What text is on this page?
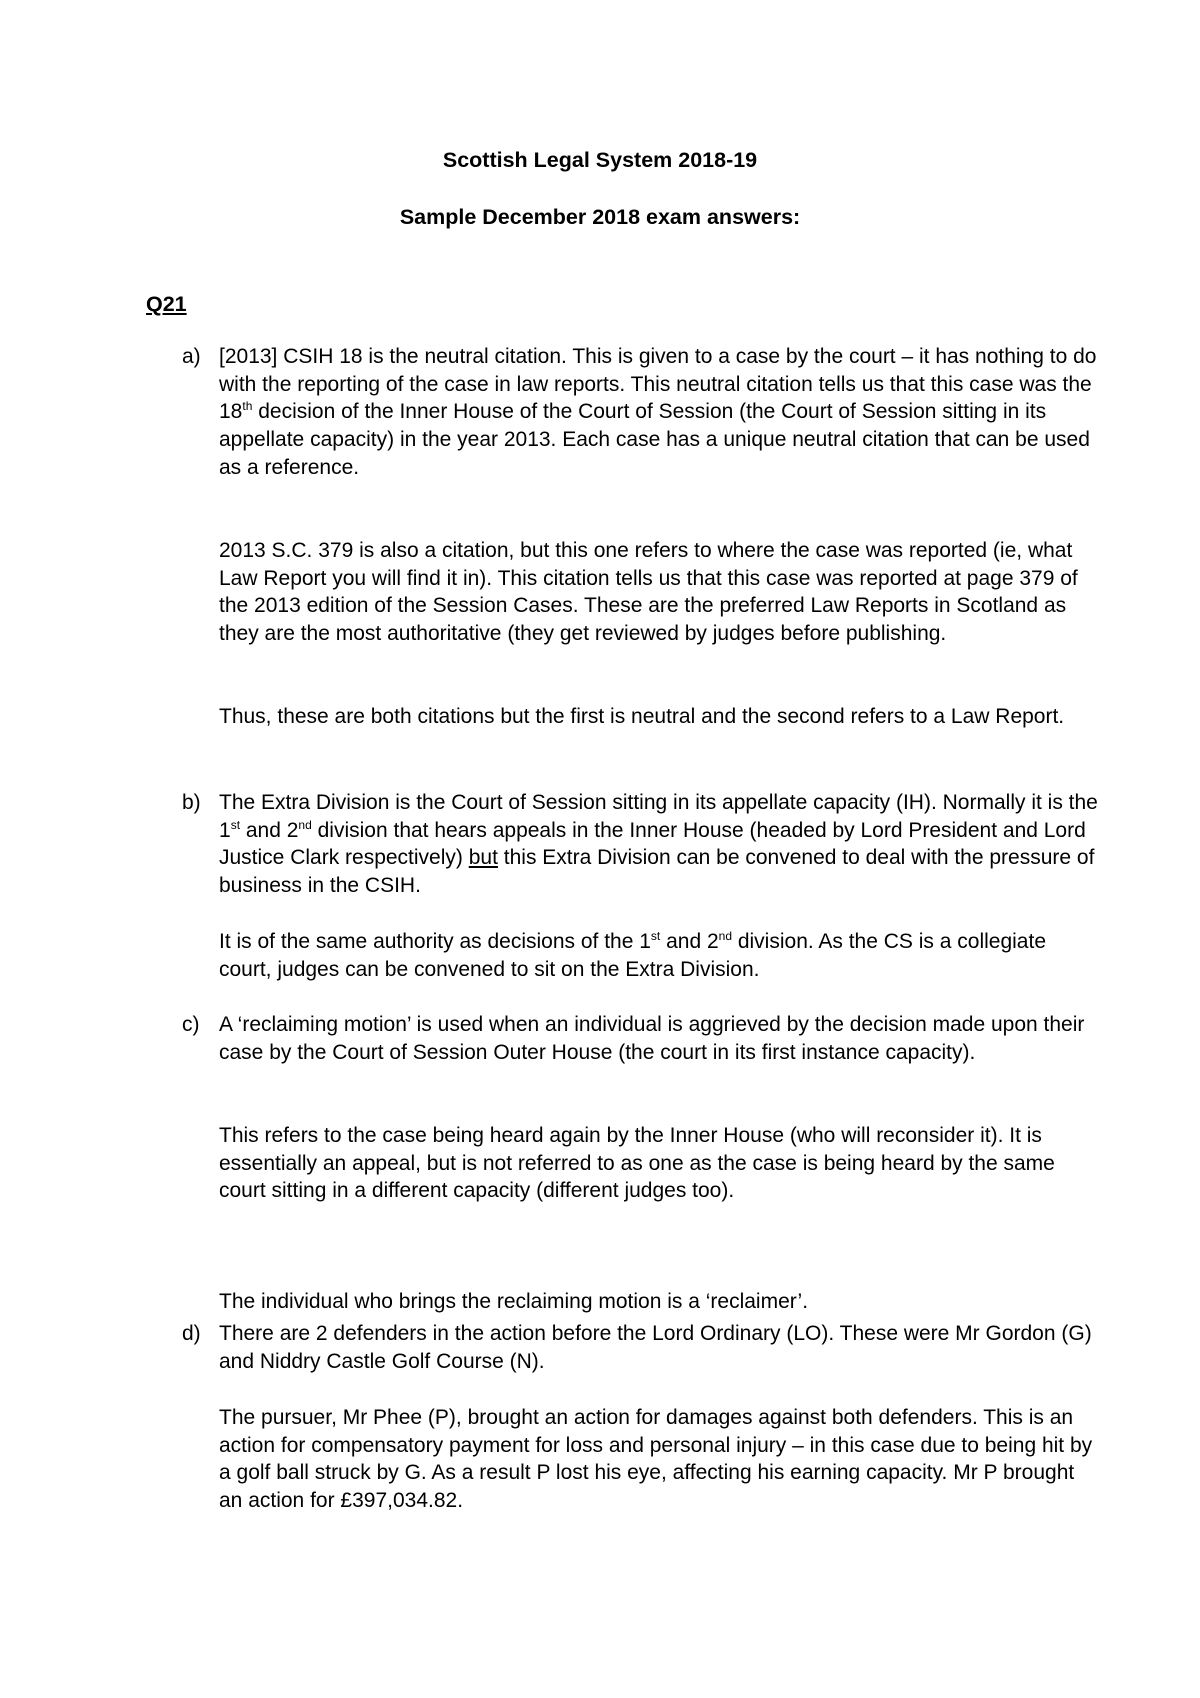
Scottish Legal System 2018-19
Sample December 2018 exam answers:
Q21
a) [2013] CSIH 18 is the neutral citation. This is given to a case by the court – it has nothing to do with the reporting of the case in law reports. This neutral citation tells us that this case was the 18th decision of the Inner House of the Court of Session (the Court of Session sitting in its appellate capacity) in the year 2013. Each case has a unique neutral citation that can be used as a reference.

2013 S.C. 379 is also a citation, but this one refers to where the case was reported (ie, what Law Report you will find it in). This citation tells us that this case was reported at page 379 of the 2013 edition of the Session Cases. These are the preferred Law Reports in Scotland as they are the most authoritative (they get reviewed by judges before publishing.

Thus, these are both citations but the first is neutral and the second refers to a Law Report.

b) The Extra Division is the Court of Session sitting in its appellate capacity (IH). Normally it is the 1st and 2nd division that hears appeals in the Inner House (headed by Lord President and Lord Justice Clark respectively) but this Extra Division can be convened to deal with the pressure of business in the CSIH.

It is of the same authority as decisions of the 1st and 2nd division. As the CS is a collegiate court, judges can be convened to sit on the Extra Division.

c) A ‘reclaiming motion’ is used when an individual is aggrieved by the decision made upon their case by the Court of Session Outer House (the court in its first instance capacity).

This refers to the case being heard again by the Inner House (who will reconsider it). It is essentially an appeal, but is not referred to as one as the case is being heard by the same court sitting in a different capacity (different judges too).

The individual who brings the reclaiming motion is a ‘reclaimer’.

d) There are 2 defenders in the action before the Lord Ordinary (LO). These were Mr Gordon (G) and Niddry Castle Golf Course (N).

The pursuer, Mr Phee (P), brought an action for damages against both defenders. This is an action for compensatory payment for loss and personal injury – in this case due to being hit by a golf ball struck by G. As a result P lost his eye, affecting his earning capacity. Mr P brought an action for £397,034.82.
